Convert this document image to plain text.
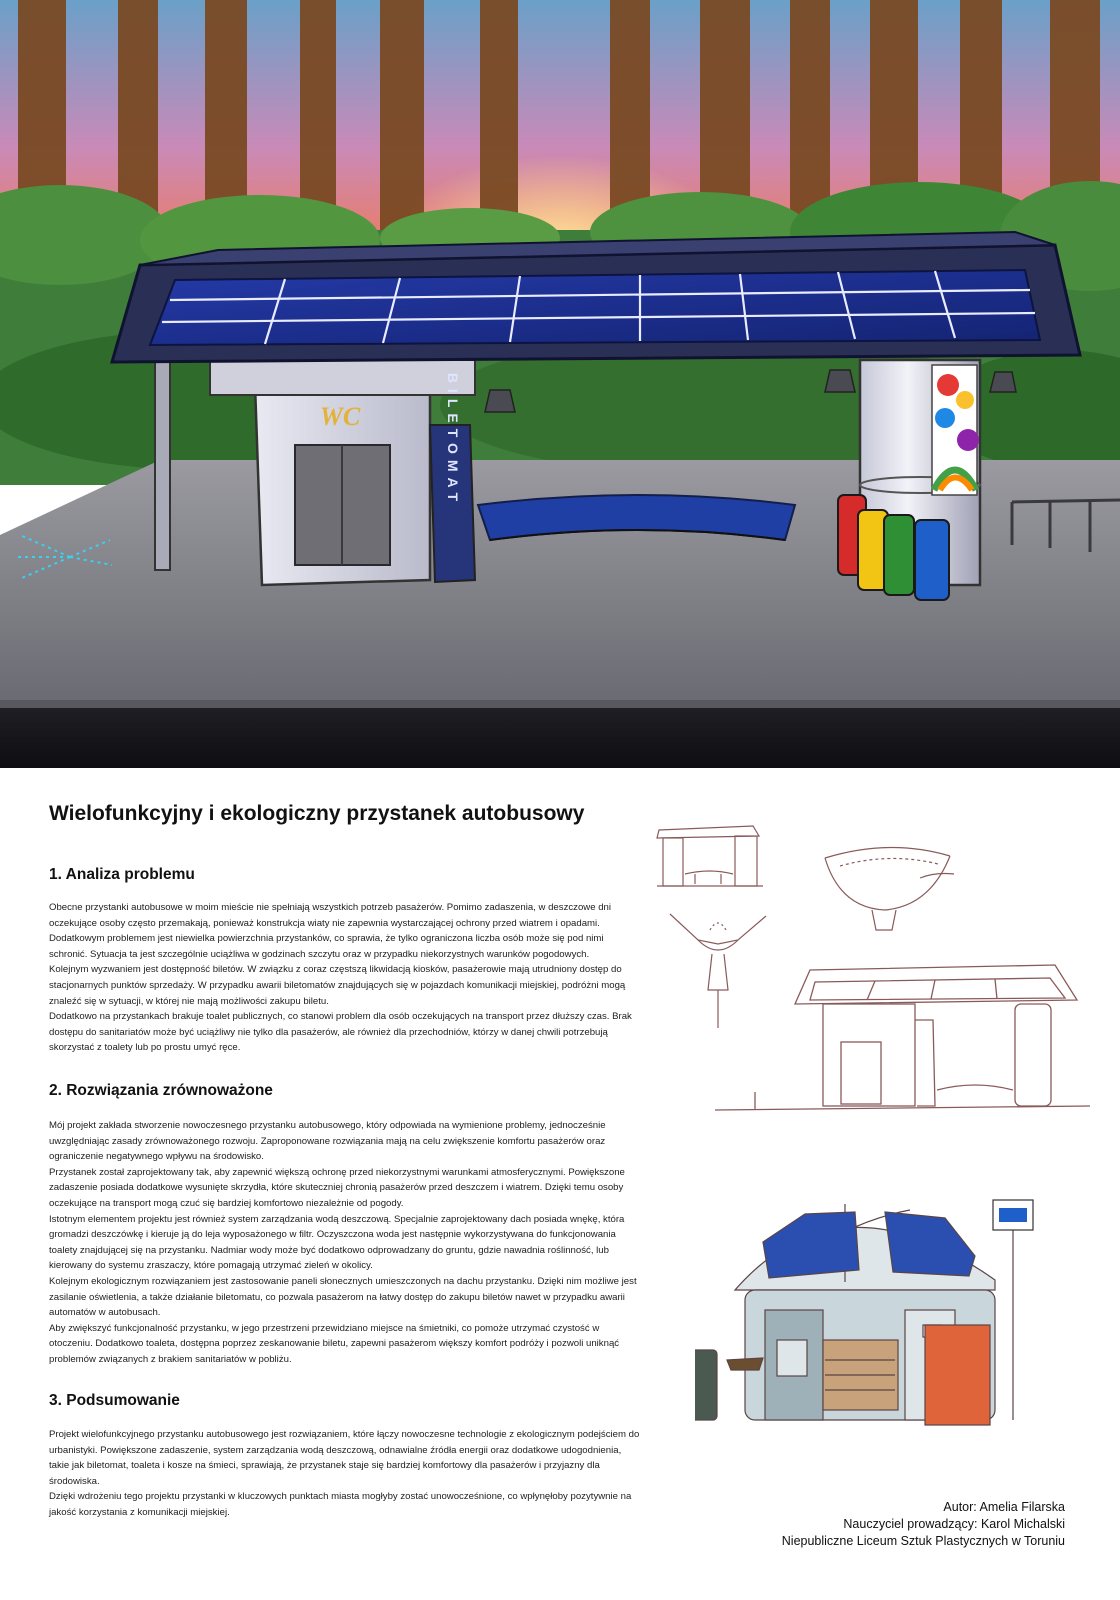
WC	BILETOMAT
Wielofunkcyjny i ekologiczny przystanek autobusowy
1. Analiza problemu
Obecne przystanki autobusowe w moim mieście nie spełniają wszystkich potrzeb pasażerów. Pomimo zadaszenia, w deszczowe dni oczekujące osoby często przemakają, ponieważ konstrukcja wiaty nie zapewnia wystarczającej ochrony przed wiatrem i opadami. Dodatkowym problemem jest niewielka powierzchnia przystanków, co sprawia, że tylko ograniczona liczba osób może się pod nimi schronić. Sytuacja ta jest szczególnie uciążliwa w godzinach szczytu oraz w przypadku niekorzystnych warunków pogodowych.
Kolejnym wyzwaniem jest dostępność biletów. W związku z coraz częstszą likwidacją kiosków, pasażerowie mają utrudniony dostęp do stacjonarnych punktów sprzedaży. W przypadku awarii biletomatów znajdujących się w pojazdach komunikacji miejskiej, podróżni mogą znaleźć się w sytuacji, w której nie mają możliwości zakupu biletu.
Dodatkowo na przystankach brakuje toalet publicznych, co stanowi problem dla osób oczekujących na transport przez dłuższy czas. Brak dostępu do sanitariatów może być uciążliwy nie tylko dla pasażerów, ale również dla przechodniów, którzy w danej chwili potrzebują skorzystać z toalety lub po prostu umyć ręce.
2. Rozwiązania zrównoważone
Mój projekt zakłada stworzenie nowoczesnego przystanku autobusowego, który odpowiada na wymienione problemy, jednocześnie uwzględniając zasady zrównoważonego rozwoju. Zaproponowane rozwiązania mają na celu zwiększenie komfortu pasażerów oraz ograniczenie negatywnego wpływu na środowisko.
Przystanek został zaprojektowany tak, aby zapewnić większą ochronę przed niekorzystnymi warunkami atmosferycznymi. Powiększone zadaszenie posiada dodatkowe wysunięte skrzydła, które skuteczniej chronią pasażerów przed deszczem i wiatrem. Dzięki temu osoby oczekujące na transport mogą czuć się bardziej komfortowo niezależnie od pogody.
Istotnym elementem projektu jest również system zarządzania wodą deszczową. Specjalnie zaprojektowany dach posiada wnękę, która gromadzi deszczówkę i kieruje ją do leja wyposażonego w filtr. Oczyszczona woda jest następnie wykorzystywana do funkcjonowania toalety znajdującej się na przystanku. Nadmiar wody może być dodatkowo odprowadzany do gruntu, gdzie nawadnia roślinność, lub kierowany do systemu zraszaczy, które pomagają utrzymać zieleń w okolicy.
Kolejnym ekologicznym rozwiązaniem jest zastosowanie paneli słonecznych umieszczonych na dachu przystanku. Dzięki nim możliwe jest zasilanie oświetlenia, a także działanie biletomatu, co pozwala pasażerom na łatwy dostęp do zakupu biletów nawet w przypadku awarii automatów w autobusach.
Aby zwiększyć funkcjonalność przystanku, w jego przestrzeni przewidziano miejsce na śmietniki, co pomoże utrzymać czystość w otoczeniu. Dodatkowo toaleta, dostępna poprzez zeskanowanie biletu, zapewni pasażerom większy komfort podróży i pozwoli uniknąć problemów związanych z brakiem sanitariatów w pobliżu.
3. Podsumowanie
Projekt wielofunkcyjnego przystanku autobusowego jest rozwiązaniem, które łączy nowoczesne technologie z ekologicznym podejściem do urbanistyki. Powiększone zadaszenie, system zarządzania wodą deszczową, odnawialne źródła energii oraz dodatkowe udogodnienia, takie jak biletomat, toaleta i kosze na śmieci, sprawiają, że przystanek staje się bardziej komfortowy dla pasażerów i przyjazny dla środowiska.
Dzięki wdrożeniu tego projektu przystanki w kluczowych punktach miasta mogłyby zostać unowocześnione, co wpłynęłoby pozytywnie na jakość korzystania z komunikacji miejskiej.	Autor: Amelia Filarska
Nauczyciel prowadzący: Karol Michalski
Niepubliczne Liceum Sztuk Plastycznych w Toruniu
